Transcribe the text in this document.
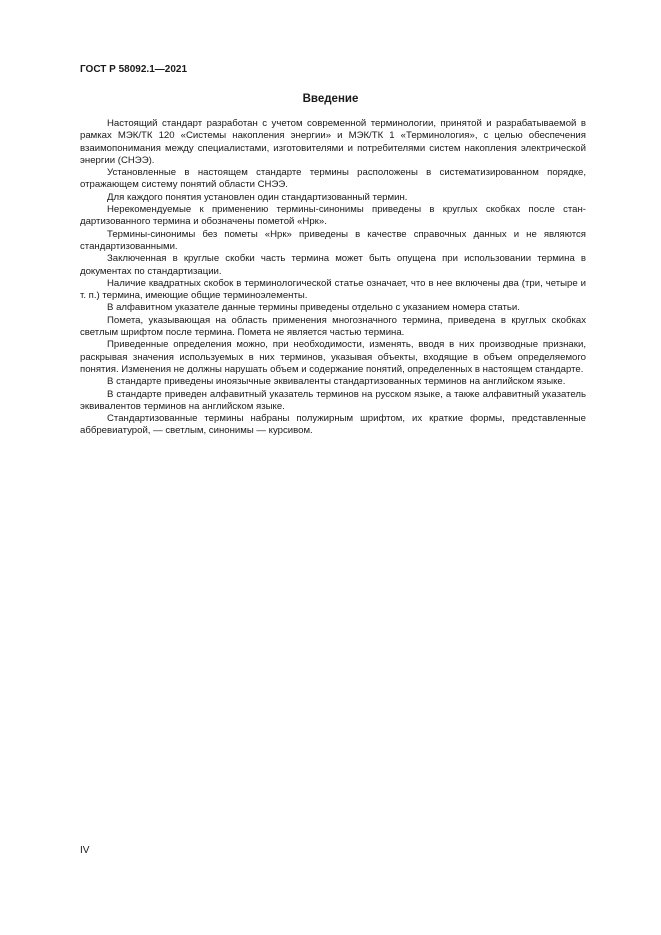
ГОСТ Р 58092.1—2021
Введение

Настоящий стандарт разработан с учетом современной терминологии, принятой и разрабатываемой в рамках МЭК/ТК 120 «Системы накопления энергии» и МЭК/ТК 1 «Терминология», с целью обеспечения взаимопонимания между специалистами, изготовителями и потребителями систем накопления электрической энергии (СНЭЭ).

Установленные в настоящем стандарте термины расположены в систематизированном порядке, отражающем систему понятий области СНЭЭ.

Для каждого понятия установлен один стандартизованный термин.

Нерекомендуемые к применению термины-синонимы приведены в круглых скобках после стандартизованного термина и обозначены пометой «Нрк».

Термины-синонимы без пометы «Нрк» приведены в качестве справочных данных и не являются стандартизованными.

Заключенная в круглые скобки часть термина может быть опущена при использовании термина в документах по стандартизации.

Наличие квадратных скобок в терминологической статье означает, что в нее включены два (три, четыре и т. п.) термина, имеющие общие терминоэлементы.

В алфавитном указателе данные термины приведены отдельно с указанием номера статьи.

Помета, указывающая на область применения многозначного термина, приведена в круглых скобках светлым шрифтом после термина. Помета не является частью термина.

Приведенные определения можно, при необходимости, изменять, вводя в них производные признаки, раскрывая значения используемых в них терминов, указывая объекты, входящие в объем определяемого понятия. Изменения не должны нарушать объем и содержание понятий, определенных в настоящем стандарте.

В стандарте приведены иноязычные эквиваленты стандартизованных терминов на английском языке.

В стандарте приведен алфавитный указатель терминов на русском языке, а также алфавитный указатель эквивалентов терминов на английском языке.

Стандартизованные термины набраны полужирным шрифтом, их краткие формы, представленные аббревиатурой, — светлым, синонимы — курсивом.

IV
